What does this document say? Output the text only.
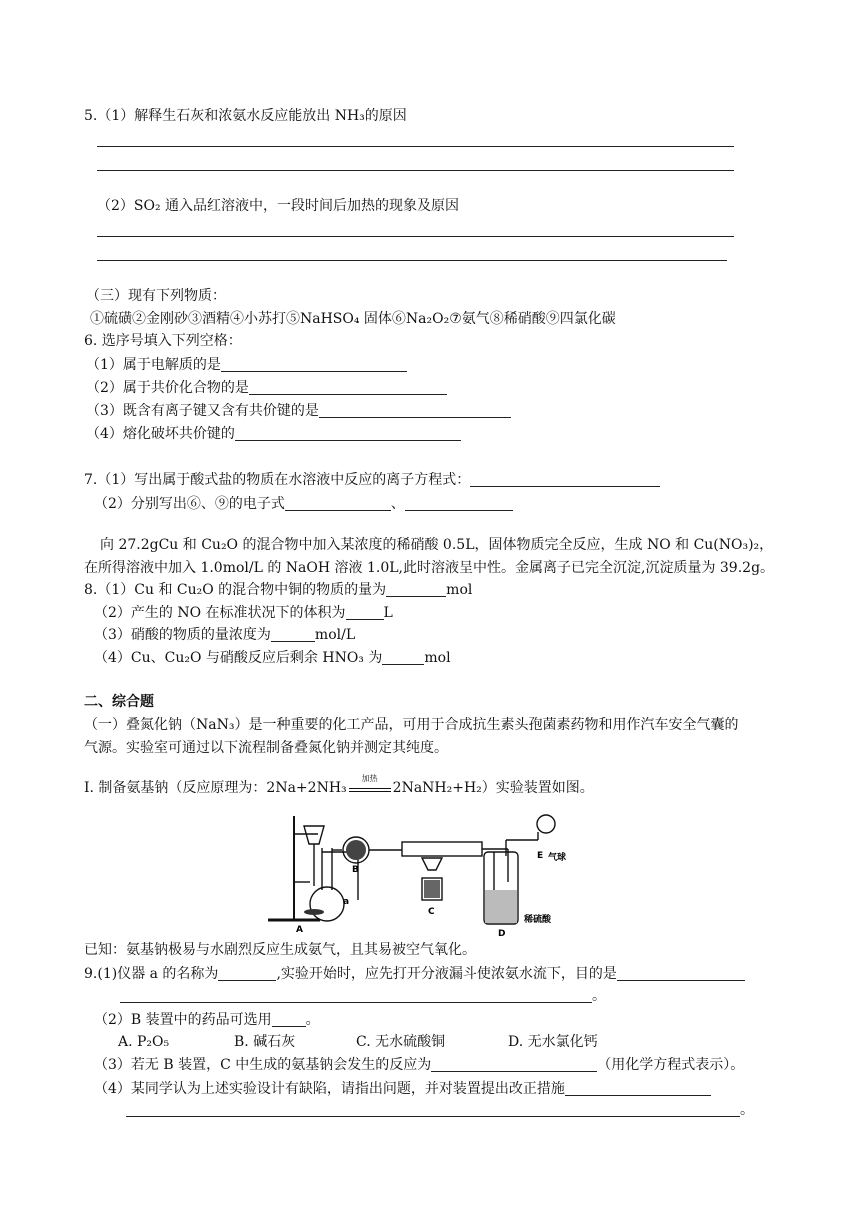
5.（1）解释生石灰和浓氨水反应能放出 NH₃的原因
（2）SO₂ 通入品红溶液中，一段时间后加热的现象及原因
（三）现有下列物质：
①硫磺②金刚砂③酒精④小苏打⑤NaHSO₄ 固体⑥Na₂O₂⑦氨气⑧稀硝酸⑨四氯化碳
6. 选序号填入下列空格：
（1）属于电解质的是
（2）属于共价化合物的是
（3）既含有离子键又含有共价键的是
（4）熔化破坏共价键的
7.（1）写出属于酸式盐的物质在水溶液中反应的离子方程式：
（2）分别写出⑥、⑨的电子式	、
向 27.2gCu 和 Cu₂O 的混合物中加入某浓度的稀硝酸 0.5L，固体物质完全反应，生成 NO 和 Cu(NO₃)₂，
在所得溶液中加入 1.0mol/L 的 NaOH 溶液 1.0L,此时溶液呈中性。金属离子已完全沉淀,沉淀质量为 39.2g。
8.（1）Cu 和 Cu₂O 的混合物中铜的物质的量为	mol
（2）产生的 NO 在标准状况下的体积为	L
（3）硝酸的物质的量浓度为	mol/L
（4）Cu、Cu₂O 与硝酸反应后剩余 HNO₃ 为	mol
二、综合题
（一）叠氮化钠（NaN₃）是一种重要的化工产品，可用于合成抗生素头孢菌素药物和用作汽车安全气囊的
气源。实验室可通过以下流程制备叠氮化钠并测定其纯度。
I. 制备氨基钠（反应原理为：2Na+2NH₃
加热
2NaNH₂+H₂）实验装置如图。
A
B
C
D
E
a
气球
稀硫酸
已知：氨基钠极易与水剧烈反应生成氨气，且其易被空气氧化。
9.(1)仪器 a 的名称为	,实验开始时，应先打开分液漏斗使浓氨水流下，目的是
。
（2）B 装置中的药品可选用 。
A. P₂O₅	B. 碱石灰	C. 无水硫酸铜	D. 无水氯化钙
（3）若无 B 装置，C 中生成的氨基钠会发生的反应为	（用化学方程式表示）。
（4）某同学认为上述实验设计有缺陷，请指出问题，并对装置提出改正措施
。
